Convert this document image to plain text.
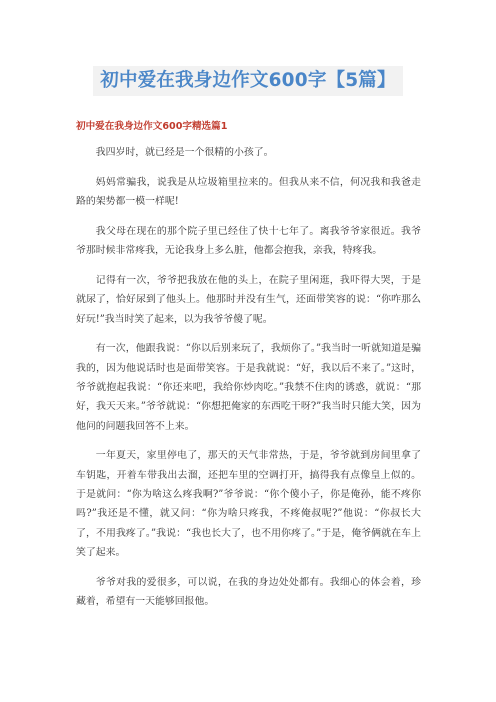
初中爱在我身边作文600字【5篇】
初中爱在我身边作文600字精选篇1

我四岁时，就已经是一个很精的小孩了。

妈妈常骗我，说我是从垃圾箱里拉来的。但我从来不信，何况我和我爸走路的架势都一模一样呢!

我父母在现在的那个院子里已经住了快十七年了。离我爷爷家很近。我爷爷那时候非常疼我，无论我身上多么脏，他都会抱我，亲我，特疼我。

记得有一次，爷爷把我放在他的头上，在院子里闲逛，我吓得大哭，于是就尿了，恰好尿到了他头上。他那时并没有生气，还面带笑容的说：“你咋那么好玩!”我当时笑了起来，以为我爷爷傻了呢。

有一次，他跟我说：“你以后别来玩了，我烦你了。”我当时一听就知道是骗我的，因为他说话时也是面带笑容。于是我就说：“好，我以后不来了。”这时，爷爷就抱起我说：“你还来吧，我给你炒肉吃。”我禁不住肉的诱惑，就说：“那好，我天天来。”爷爷就说：“你想把俺家的东西吃干呀?”我当时只能大笑，因为他问的问题我回答不上来。

一年夏天，家里停电了，那天的天气非常热，于是，爷爷就到房间里拿了车钥匙，开着车带我出去溜，还把车里的空调打开，搞得我有点像皇上似的。于是就问：“你为啥这么疼我啊?”爷爷说：“你个傻小子，你是俺孙，能不疼你吗?”我还是不懂，就又问：“你为啥只疼我，不疼俺叔呢?”他说：“你叔长大了，不用我疼了。”我说：“我也长大了，也不用你疼了。”于是，俺爷俩就在车上笑了起来。

爷爷对我的爱很多，可以说，在我的身边处处都有。我细心的体会着，珍藏着，希望有一天能够回报他。
